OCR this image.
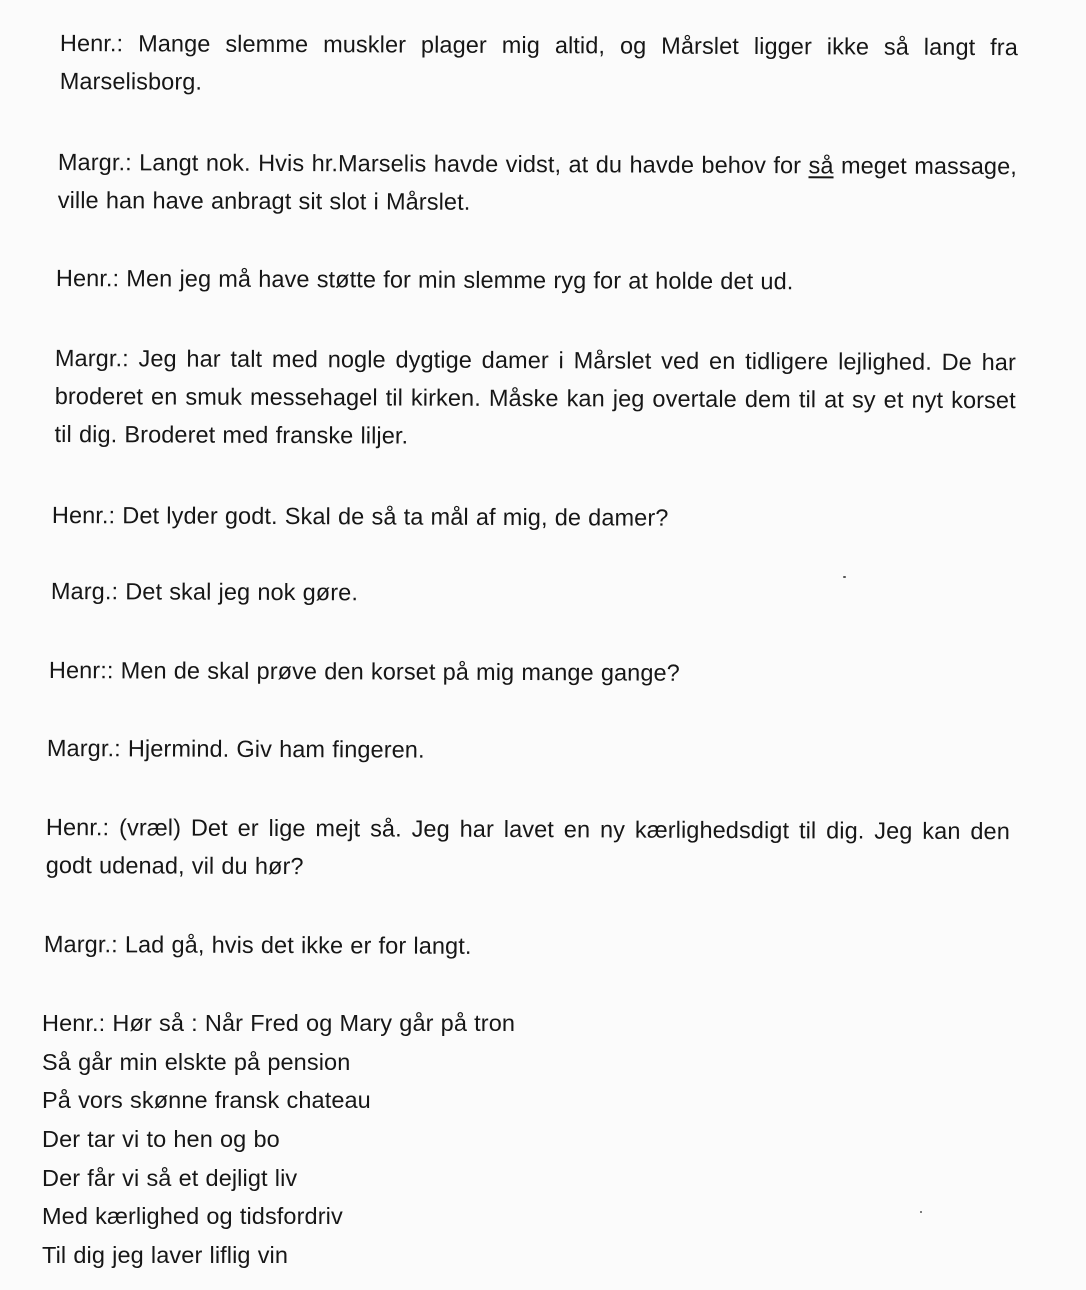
Henr.: Mange slemme muskler plager mig altid, og Mårslet ligger ikke så langt fra Marselisborg.

Margr.: Langt nok. Hvis hr.Marselis havde vidst, at du havde behov for så meget massage, ville han have anbragt sit slot i Mårslet.

Henr.: Men jeg må have støtte for min slemme ryg for at holde det ud.

Margr.: Jeg har talt med nogle dygtige damer i Mårslet ved en tidligere lejlighed. De har broderet en smuk messehagel til kirken. Måske kan jeg overtale dem til at sy et nyt korset til dig. Broderet med franske liljer.

Henr.: Det lyder godt. Skal de så ta mål af mig, de damer?

Marg.: Det skal jeg nok gøre.

Henr:: Men de skal prøve den korset på mig mange gange?

Margr.: Hjermind. Giv ham fingeren.

Henr.: (vræl) Det er lige mejt så. Jeg har lavet en ny kærlighedsdigt til dig. Jeg kan den godt udenad, vil du hør?

Margr.: Lad gå, hvis det ikke er for langt.

Henr.: Hør så : Når Fred og Mary går på tron
Så går min elskte på pension
På vors skønne fransk chateau
Der tar vi to hen og bo
Der får vi så et dejligt liv
Med kærlighed og tidsfordriv
Til dig jeg laver liflig vin
